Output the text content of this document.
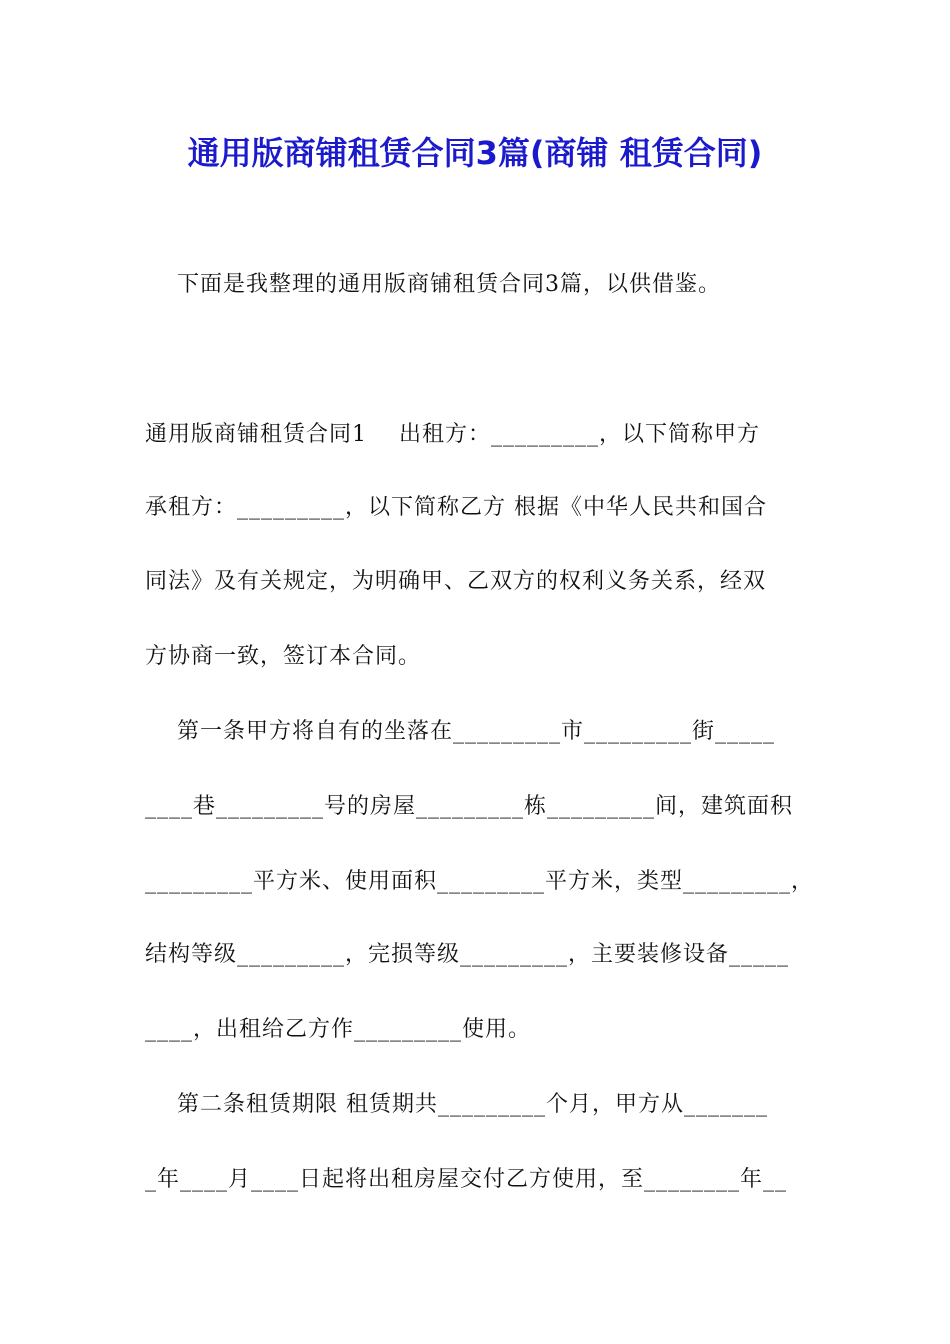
通用版商铺租赁合同3篇(商铺 租赁合同)
下面是我整理的通用版商铺租赁合同3篇，以供借鉴。
通用版商铺租赁合同1    出租方：_________，以下简称甲方
承租方：_________，以下简称乙方 根据《中华人民共和国合
同法》及有关规定，为明确甲、乙双方的权利义务关系，经双
方协商一致，签订本合同。
第一条甲方将自有的坐落在_________市_________街_____
____巷_________号的房屋_________栋_________间，建筑面积
_________平方米、使用面积_________平方米，类型_________，
结构等级_________，完损等级_________，主要装修设备_____
____，出租给乙方作_________使用。
第二条租赁期限 租赁期共_________个月，甲方从_______
_年____月____日起将出租房屋交付乙方使用，至________年__
